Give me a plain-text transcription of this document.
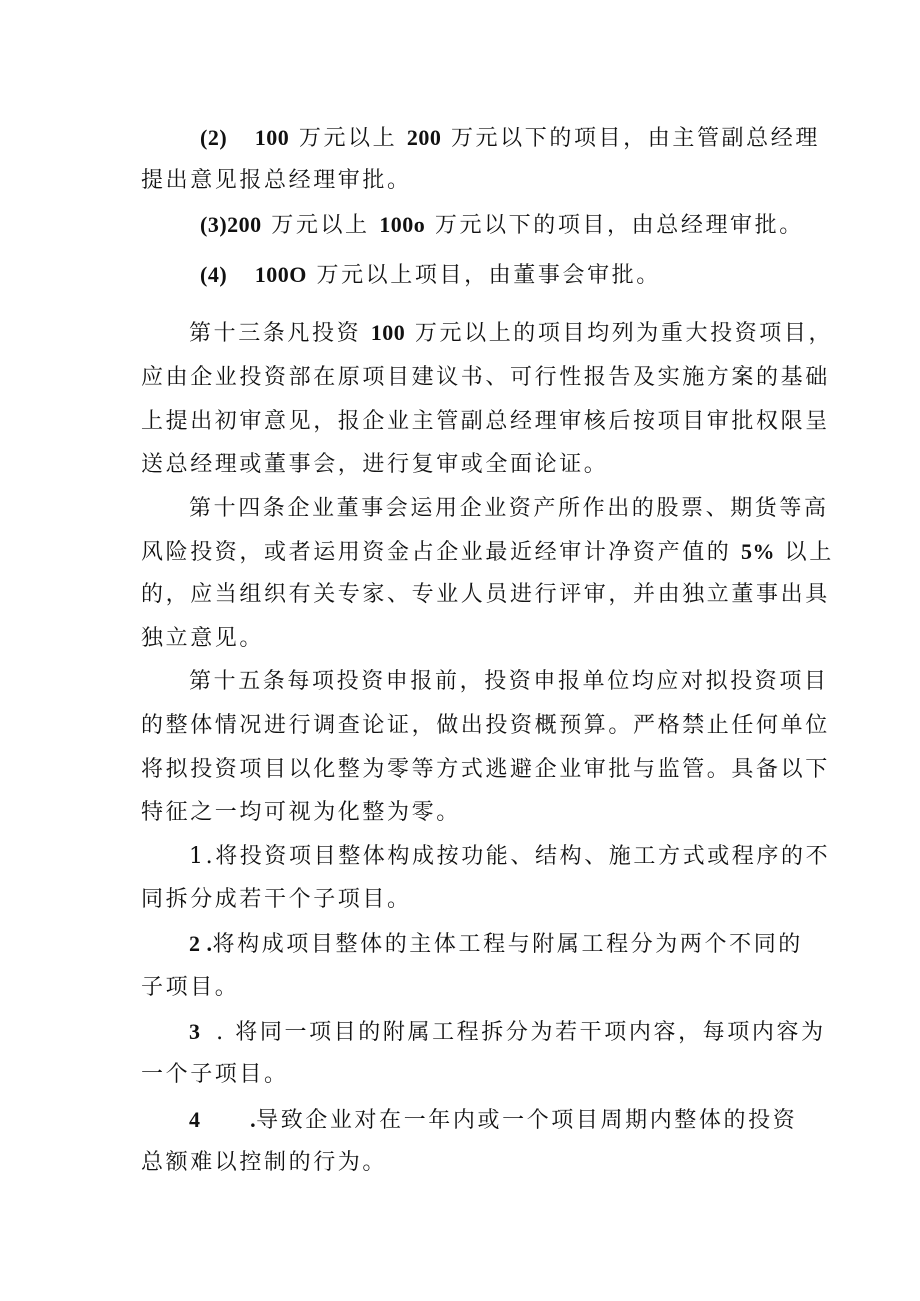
(2) 100 万元以上 200 万元以下的项目，由主管副总经理
提出意见报总经理审批。
(3)200 万元以上 100o 万元以下的项目，由总经理审批。
(4) 100O 万元以上项目，由董事会审批。
第十三条凡投资 100 万元以上的项目均列为重大投资项目，
应由企业投资部在原项目建议书、可行性报告及实施方案的基础
上提出初审意见，报企业主管副总经理审核后按项目审批权限呈
送总经理或董事会，进行复审或全面论证。
第十四条企业董事会运用企业资产所作出的股票、期货等高
风险投资，或者运用资金占企业最近经审计净资产值的 5% 以上
的，应当组织有关专家、专业人员进行评审，并由独立董事出具
独立意见。
第十五条每项投资申报前，投资申报单位均应对拟投资项目
的整体情况进行调查论证，做出投资概预算。严格禁止任何单位
将拟投资项目以化整为零等方式逃避企业审批与监管。具备以下
特征之一均可视为化整为零。
1.将投资项目整体构成按功能、结构、施工方式或程序的不
同拆分成若干个子项目。
2 .将构成项目整体的主体工程与附属工程分为两个不同的
子项目。
3 . 将同一项目的附属工程拆分为若干项内容，每项内容为
一个子项目。
4 .导致企业对在一年内或一个项目周期内整体的投资
总额难以控制的行为。
